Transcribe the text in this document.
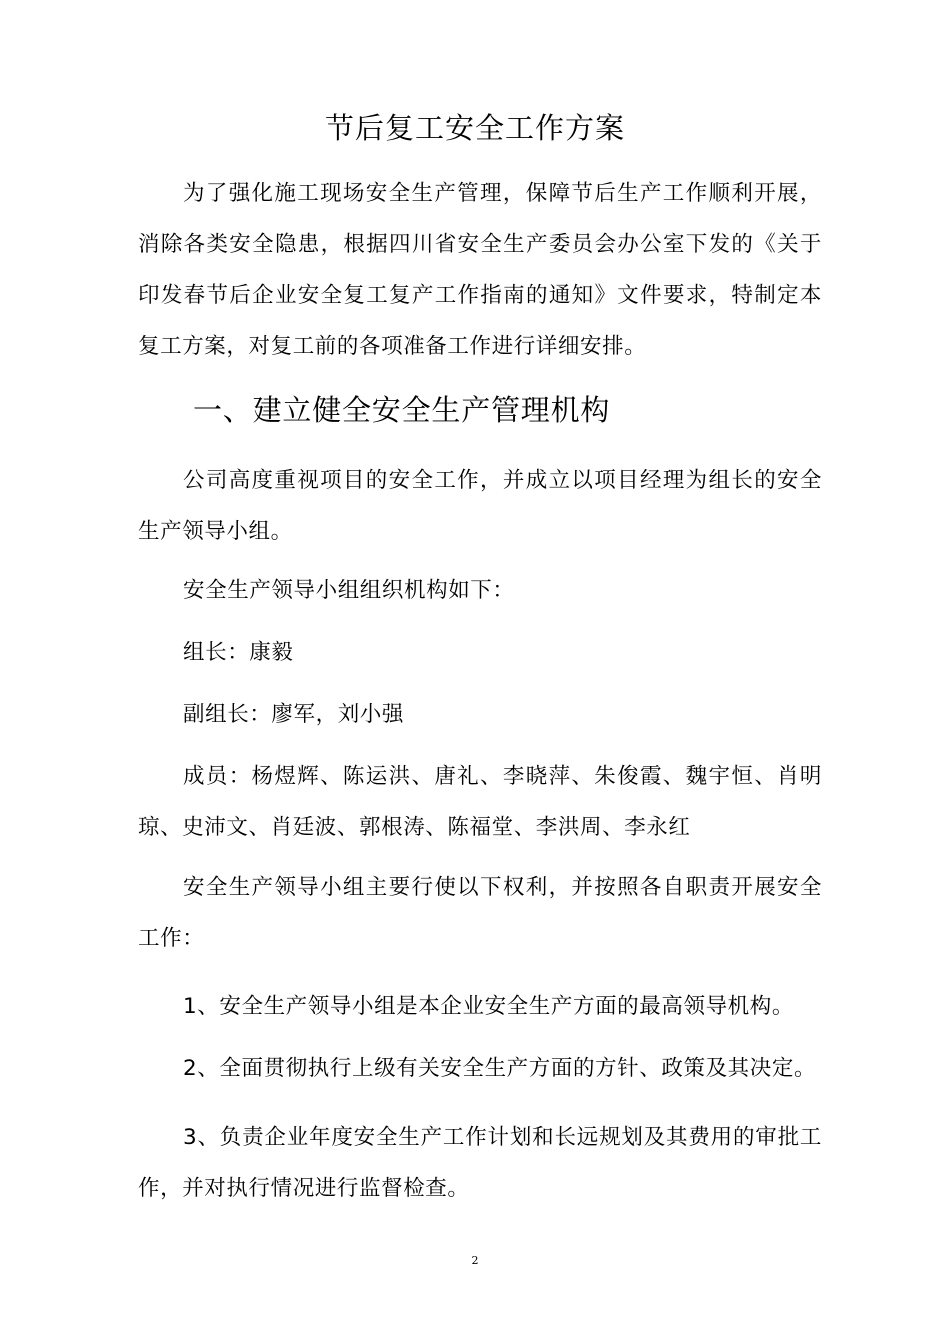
节后复工安全工作方案

为了强化施工现场安全生产管理，保障节后生产工作顺利开展，消除各类安全隐患，根据四川省安全生产委员会办公室下发的《关于印发春节后企业安全复工复产工作指南的通知》文件要求，特制定本复工方案，对复工前的各项准备工作进行详细安排。

一、建立健全安全生产管理机构

公司高度重视项目的安全工作，并成立以项目经理为组长的安全生产领导小组。

安全生产领导小组组织机构如下：

组长：康毅

副组长：廖军，刘小强

成员：杨煜辉、陈运洪、唐礼、李晓萍、朱俊霞、魏宇恒、肖明琼、史沛文、肖廷波、郭根涛、陈福堂、李洪周、李永红

安全生产领导小组主要行使以下权利，并按照各自职责开展安全工作：

1、安全生产领导小组是本企业安全生产方面的最高领导机构。

2、全面贯彻执行上级有关安全生产方面的方针、政策及其决定。

3、负责企业年度安全生产工作计划和长远规划及其费用的审批工作，并对执行情况进行监督检查。

2
